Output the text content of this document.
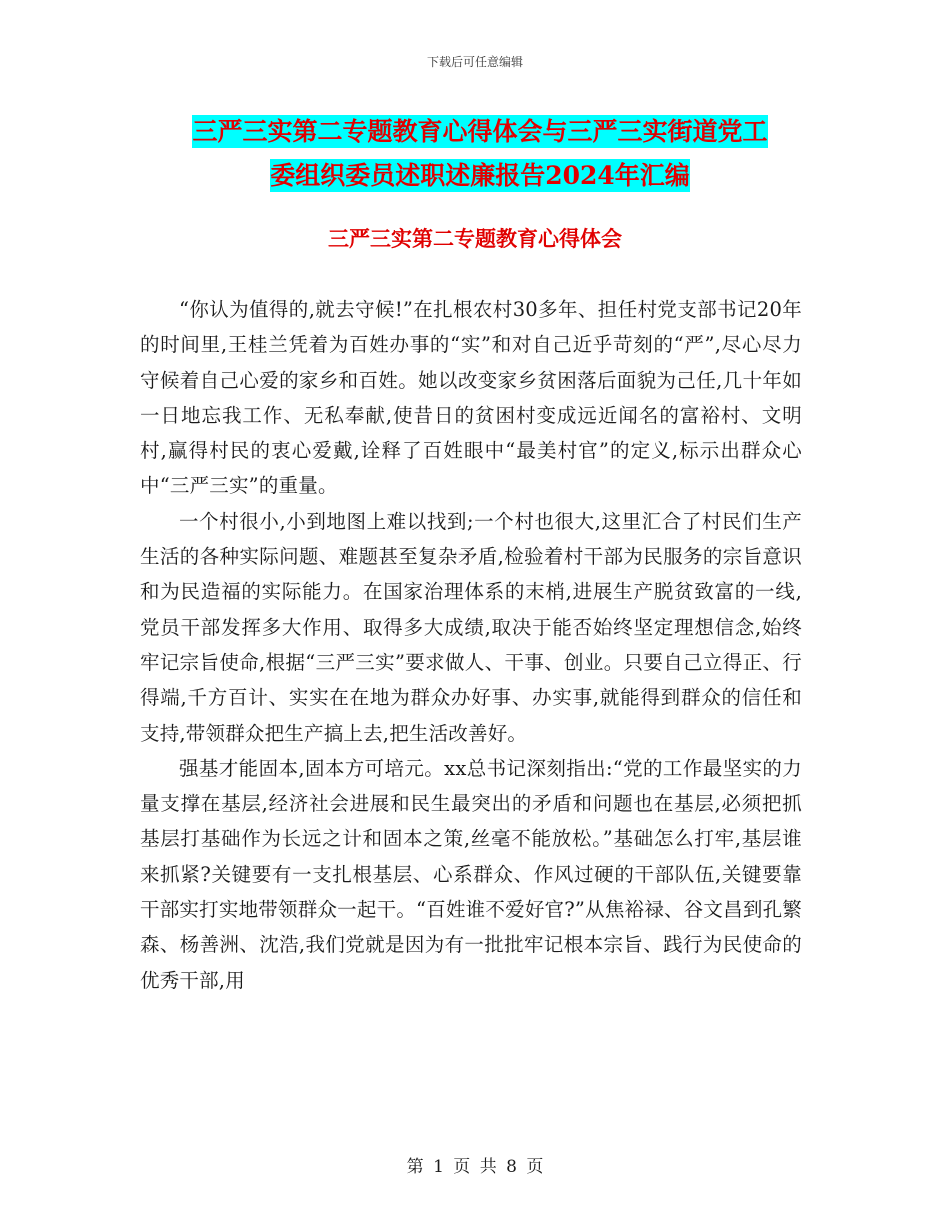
下载后可任意编辑
三严三实第二专题教育心得体会与三严三实街道党工
委组织委员述职述廉报告2024年汇编
三严三实第二专题教育心得体会

“你认为值得的,就去守候!”在扎根农村30多年、担任村党支部书记20年的时间里,王桂兰凭着为百姓办事的“实”和对自己近乎苛刻的“严”,尽心尽力守候着自己心爱的家乡和百姓。她以改变家乡贫困落后面貌为己任,几十年如一日地忘我工作、无私奉献,使昔日的贫困村变成远近闻名的富裕村、文明村,赢得村民的衷心爱戴,诠释了百姓眼中“最美村官”的定义,标示出群众心中“三严三实”的重量。

一个村很小,小到地图上难以找到;一个村也很大,这里汇合了村民们生产生活的各种实际问题、难题甚至复杂矛盾,检验着村干部为民服务的宗旨意识和为民造福的实际能力。在国家治理体系的末梢,进展生产脱贫致富的一线,党员干部发挥多大作用、取得多大成绩,取决于能否始终坚定理想信念,始终牢记宗旨使命,根据“三严三实”要求做人、干事、创业。只要自己立得正、行得端,千方百计、实实在在地为群众办好事、办实事,就能得到群众的信任和支持,带领群众把生产搞上去,把生活改善好。

强基才能固本,固本方可培元。xx总书记深刻指出:“党的工作最坚实的力量支撑在基层,经济社会进展和民生最突出的矛盾和问题也在基层,必须把抓基层打基础作为长远之计和固本之策,丝毫不能放松。”基础怎么打牢,基层谁来抓紧?关键要有一支扎根基层、心系群众、作风过硬的干部队伍,关键要靠干部实打实地带领群众一起干。“百姓谁不爱好官?”从焦裕禄、谷文昌到孔繁森、杨善洲、沈浩,我们党就是因为有一批批牢记根本宗旨、践行为民使命的优秀干部,用

第 1 页 共 8 页
